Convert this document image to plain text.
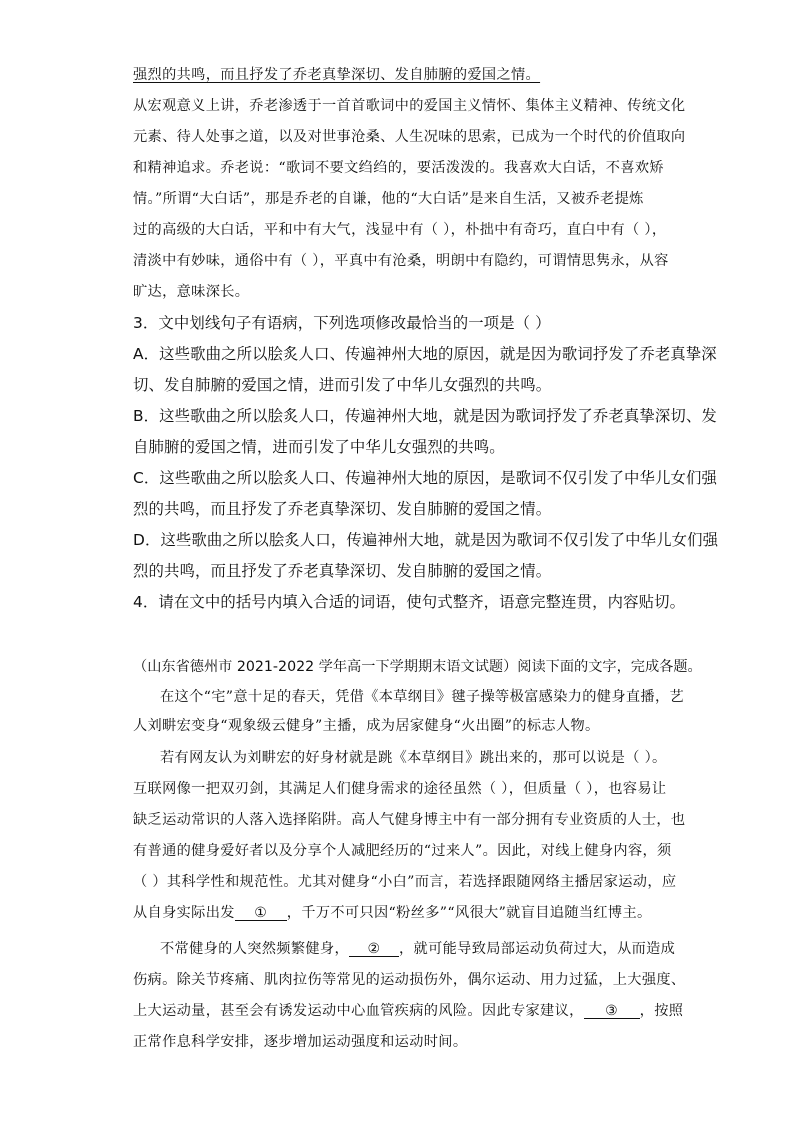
强烈的共鸣，而且抒发了乔老真挚深切、发自肺腑的爱国之情。
从宏观意义上讲，乔老渗透于一首首歌词中的爱国主义情怀、集体主义精神、传统文化
元素、待人处事之道，以及对世事沧桑、人生况味的思索，已成为一个时代的价值取向
和精神追求。乔老说：“歌词不要文绉绉的，要活泼泼的。我喜欢大白话，不喜欢矫
情。”所谓“大白话”，那是乔老的自谦，他的“大白话”是来自生活，又被乔老提炼
过的高级的大白话，平和中有大气，浅显中有（ ），朴拙中有奇巧，直白中有（ ），
清淡中有妙味，通俗中有（ ），平真中有沧桑，明朗中有隐约，可谓情思隽永，从容
旷达，意味深长。
3．文中划线句子有语病，下列选项修改最恰当的一项是（ ）
A．这些歌曲之所以脍炙人口、传遍神州大地的原因，就是因为歌词抒发了乔老真挚深
切、发自肺腑的爱国之情，进而引发了中华儿女强烈的共鸣。
B．这些歌曲之所以脍炙人口，传遍神州大地，就是因为歌词抒发了乔老真挚深切、发
自肺腑的爱国之情，进而引发了中华儿女强烈的共鸣。
C．这些歌曲之所以脍炙人口、传遍神州大地的原因，是歌词不仅引发了中华儿女们强
烈的共鸣，而且抒发了乔老真挚深切、发自肺腑的爱国之情。
D．这些歌曲之所以脍炙人口，传遍神州大地，就是因为歌词不仅引发了中华儿女们强
烈的共鸣，而且抒发了乔老真挚深切、发自肺腑的爱国之情。
4．请在文中的括号内填入合适的词语，使句式整齐，语意完整连贯，内容贴切。
（山东省德州市 2021-2022 学年高一下学期期末语文试题）阅读下面的文字，完成各题。
在这个“宅”意十足的春天，凭借《本草纲目》毽子操等极富感染力的健身直播，艺
人刘畊宏变身“观象级云健身”主播，成为居家健身“火出圈”的标志人物。
若有网友认为刘畊宏的好身材就是跳《本草纲目》跳出来的，那可以说是（ ）。
互联网像一把双刃剑，其满足人们健身需求的途径虽然（ ），但质量（ ），也容易让
缺乏运动常识的人落入选择陷阱。高人气健身博主中有一部分拥有专业资质的人士，也
有普通的健身爱好者以及分享个人减肥经历的“过来人”。因此，对线上健身内容，须
（ ）其科学性和规范性。尤其对健身“小白”而言，若选择跟随网络主播居家运动，应
从自身实际出发 ① ，千万不可只因“粉丝多”“风很大”就盲目追随当红博主。
不常健身的人突然频繁健身， ② ，就可能导致局部运动负荷过大，从而造成
伤病。除关节疼痛、肌肉拉伤等常见的运动损伤外，偶尔运动、用力过猛，上大强度、
上大运动量，甚至会有诱发运动中心血管疾病的风险。因此专家建议， ③ ，按照
正常作息科学安排，逐步增加运动强度和运动时间。
